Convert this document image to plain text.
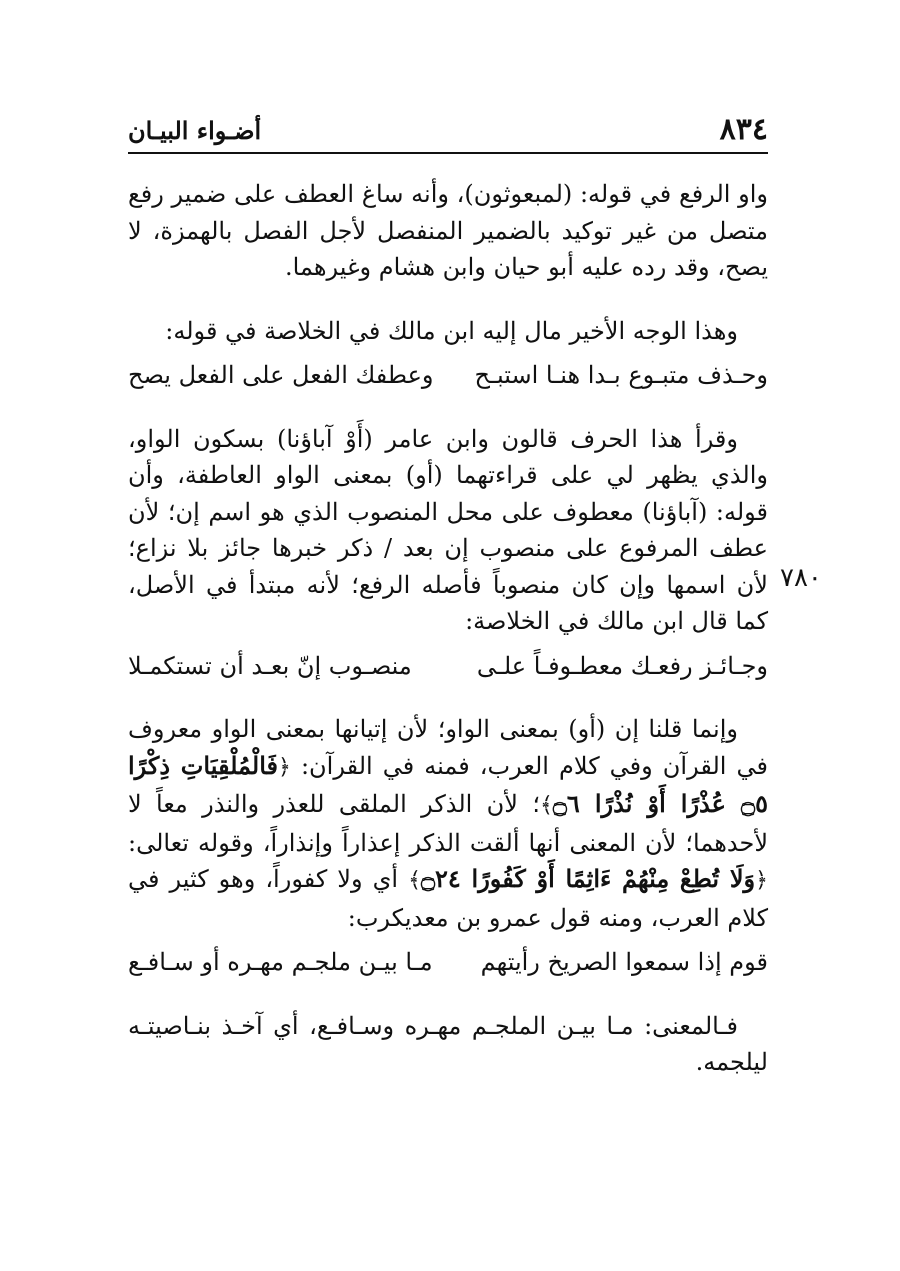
٨٣٤
أضـواء البيـان
٧٨٠

واو الرفع في قوله: (لمبعوثون)، وأنه ساغ العطف على ضمير رفع متصل من غير توكيد بالضمير المنفصل لأجل الفصل بالهمزة، لا يصح، وقد رده عليه أبو حيان وابن هشام وغيرهما.

وهذا الوجه الأخير مال إليه ابن مالك في الخلاصة في قوله:

وحـذف متبـوع بـدا هنـا استبـح
وعطفك الفعل على الفعل يصح

وقرأ هذا الحرف قالون وابن عامر (أَوْ آباؤنا) بسكون الواو، والذي يظهر لي على قراءتهما (أو) بمعنى الواو العاطفة، وأن قوله: (آباؤنا) معطوف على محل المنصوب الذي هو اسم إن؛ لأن عطف المرفوع على منصوب إن بعد / ذكر خبرها جائز بلا نزاع؛ لأن اسمها وإن كان منصوباً فأصله الرفع؛ لأنه مبتدأ في الأصل، كما قال ابن مالك في الخلاصة:

وجـائـز رفعـك معطـوفـاً علـى
منصـوب إنّ بعـد أن تستكمـلا

وإنما قلنا إن (أو) بمعنى الواو؛ لأن إتيانها بمعنى الواو معروف في القرآن وفي كلام العرب، فمنه في القرآن: ﴿فَالْمُلْقِيَاتِ ذِكْرًا ۝٥ عُذْرًا أَوْ نُذْرًا ۝٦﴾؛ لأن الذكر الملقى للعذر والنذر معاً لا لأحدهما؛ لأن المعنى أنها ألقت الذكر إعذاراً وإنذاراً، وقوله تعالى: ﴿وَلَا تُطِعْ مِنْهُمْ ءَاثِمًا أَوْ كَفُورًا ۝٢٤﴾ أي ولا كفوراً، وهو كثير في كلام العرب، ومنه قول عمرو بن معديكرب:

قوم إذا سمعوا الصريخ رأيتهم
مـا بيـن ملجـم مهـره أو سـافـع

فـالمعنى: مـا بيـن الملجـم مهـره وسـافـع، أي آخـذ بنـاصيتـه ليلجمه.
